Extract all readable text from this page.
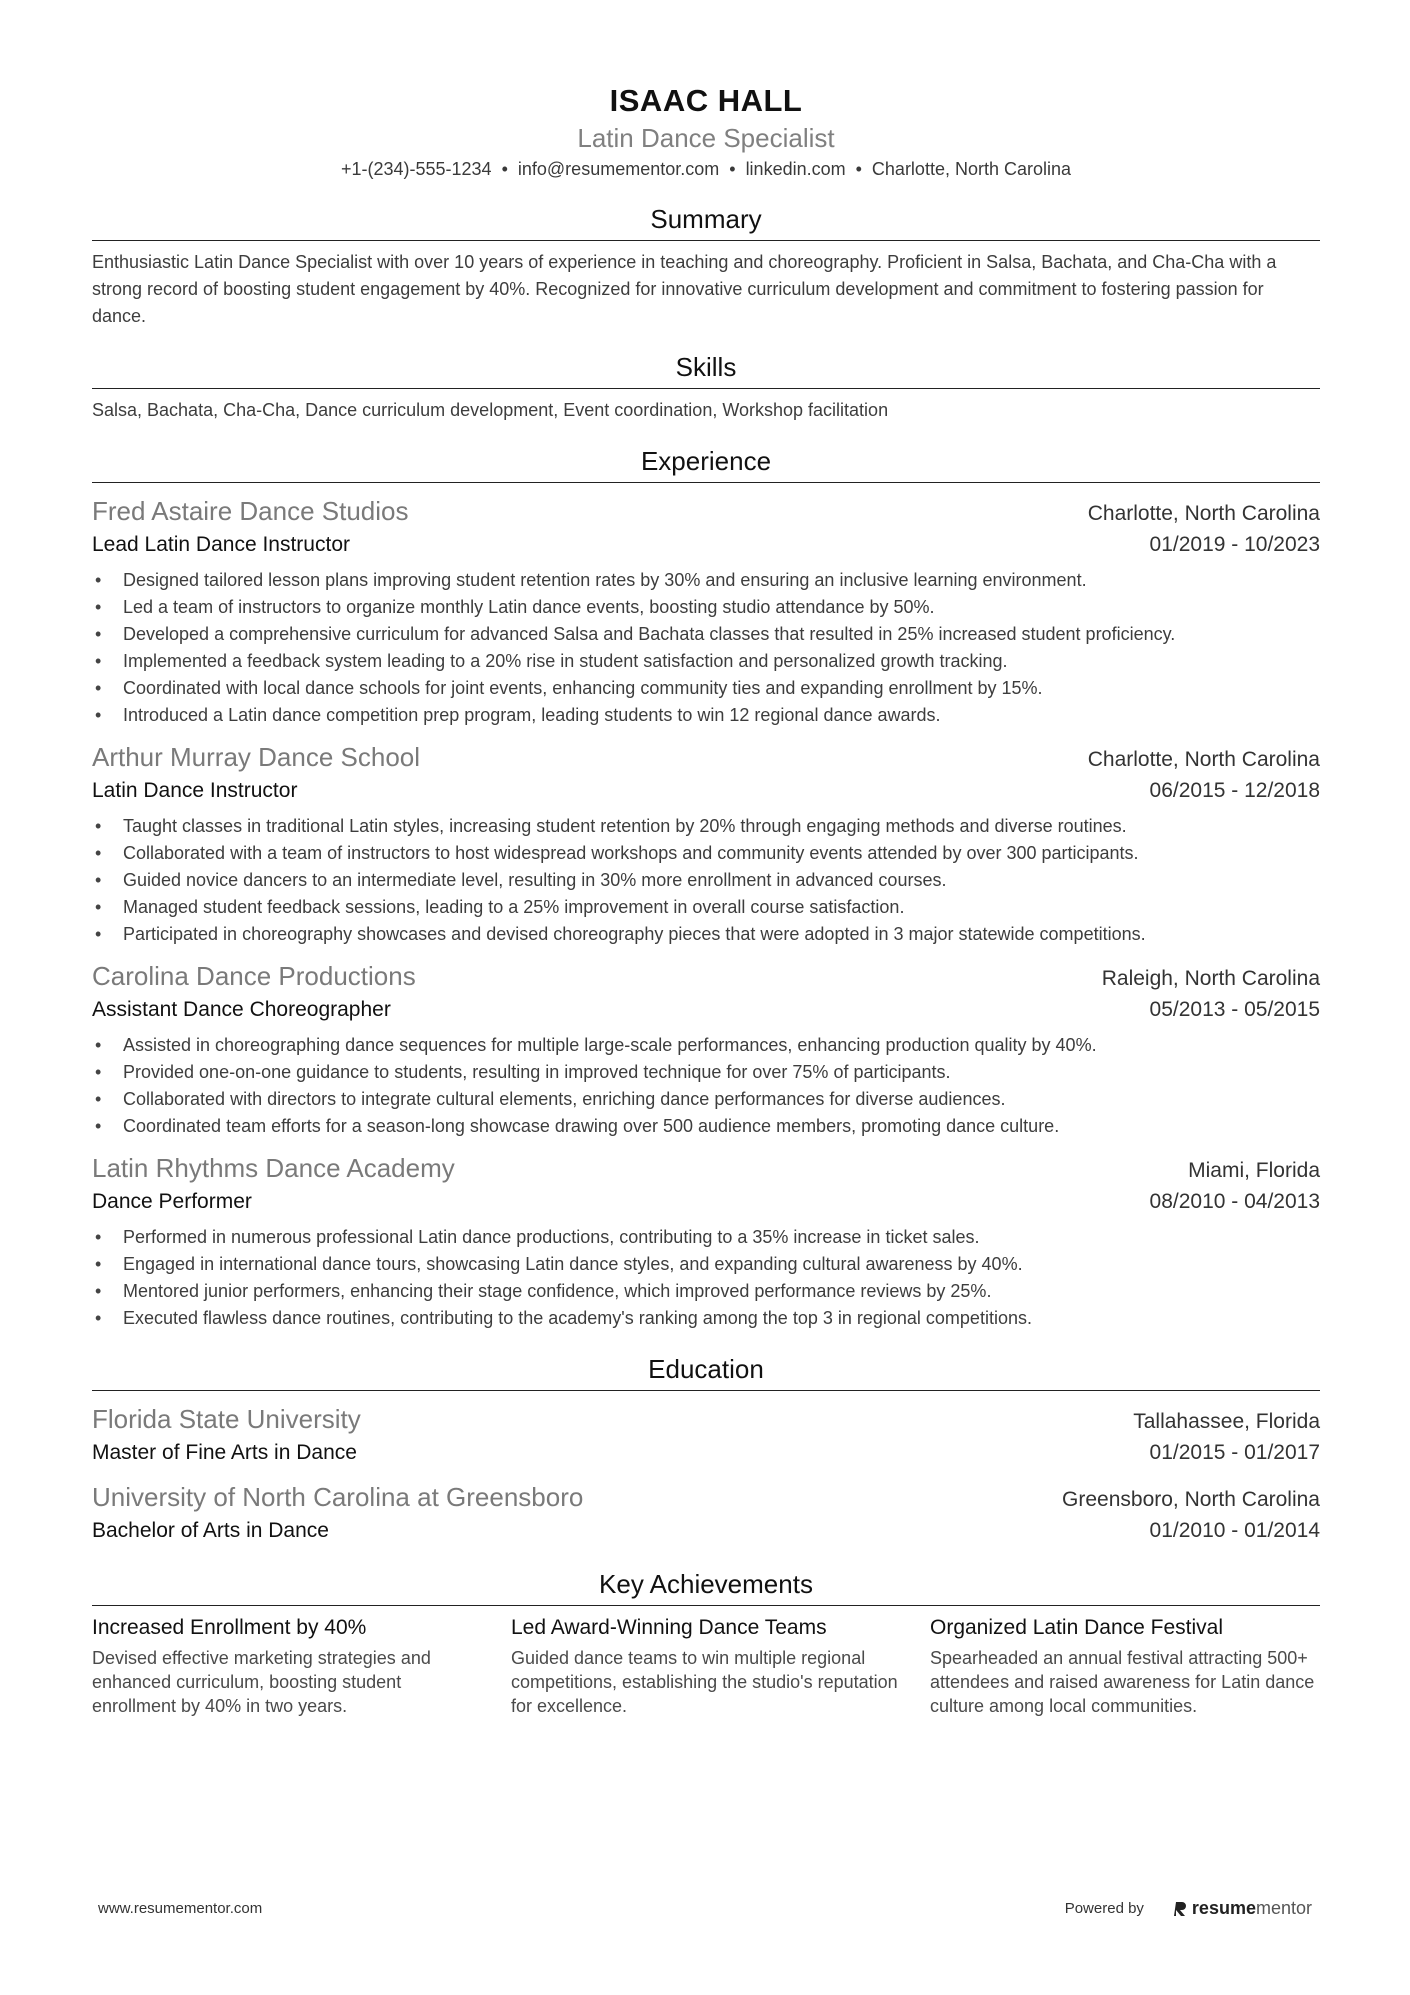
ISAAC HALL
Latin Dance Specialist
+1-(234)-555-1234 • info@resumementor.com • linkedin.com • Charlotte, North Carolina
Summary
Enthusiastic Latin Dance Specialist with over 10 years of experience in teaching and choreography. Proficient in Salsa, Bachata, and Cha-Cha with a strong record of boosting student engagement by 40%. Recognized for innovative curriculum development and commitment to fostering passion for dance.
Skills
Salsa, Bachata, Cha-Cha, Dance curriculum development, Event coordination, Workshop facilitation
Experience
Fred Astaire Dance Studios	Charlotte, North Carolina
Lead Latin Dance Instructor	01/2019 - 10/2023
• Designed tailored lesson plans improving student retention rates by 30% and ensuring an inclusive learning environment.
• Led a team of instructors to organize monthly Latin dance events, boosting studio attendance by 50%.
• Developed a comprehensive curriculum for advanced Salsa and Bachata classes that resulted in 25% increased student proficiency.
• Implemented a feedback system leading to a 20% rise in student satisfaction and personalized growth tracking.
• Coordinated with local dance schools for joint events, enhancing community ties and expanding enrollment by 15%.
• Introduced a Latin dance competition prep program, leading students to win 12 regional dance awards.
Arthur Murray Dance School	Charlotte, North Carolina
Latin Dance Instructor	06/2015 - 12/2018
• Taught classes in traditional Latin styles, increasing student retention by 20% through engaging methods and diverse routines.
• Collaborated with a team of instructors to host widespread workshops and community events attended by over 300 participants.
• Guided novice dancers to an intermediate level, resulting in 30% more enrollment in advanced courses.
• Managed student feedback sessions, leading to a 25% improvement in overall course satisfaction.
• Participated in choreography showcases and devised choreography pieces that were adopted in 3 major statewide competitions.
Carolina Dance Productions	Raleigh, North Carolina
Assistant Dance Choreographer	05/2013 - 05/2015
• Assisted in choreographing dance sequences for multiple large-scale performances, enhancing production quality by 40%.
• Provided one-on-one guidance to students, resulting in improved technique for over 75% of participants.
• Collaborated with directors to integrate cultural elements, enriching dance performances for diverse audiences.
• Coordinated team efforts for a season-long showcase drawing over 500 audience members, promoting dance culture.
Latin Rhythms Dance Academy	Miami, Florida
Dance Performer	08/2010 - 04/2013
• Performed in numerous professional Latin dance productions, contributing to a 35% increase in ticket sales.
• Engaged in international dance tours, showcasing Latin dance styles, and expanding cultural awareness by 40%.
• Mentored junior performers, enhancing their stage confidence, which improved performance reviews by 25%.
• Executed flawless dance routines, contributing to the academy's ranking among the top 3 in regional competitions.
Education
Florida State University	Tallahassee, Florida
Master of Fine Arts in Dance	01/2015 - 01/2017
University of North Carolina at Greensboro	Greensboro, North Carolina
Bachelor of Arts in Dance	01/2010 - 01/2014
Key Achievements
Increased Enrollment by 40%
Devised effective marketing strategies and enhanced curriculum, boosting student enrollment by 40% in two years.
Led Award-Winning Dance Teams
Guided dance teams to win multiple regional competitions, establishing the studio's reputation for excellence.
Organized Latin Dance Festival
Spearheaded an annual festival attracting 500+ attendees and raised awareness for Latin dance culture among local communities.
www.resumementor.com	Powered by	resume mentor
